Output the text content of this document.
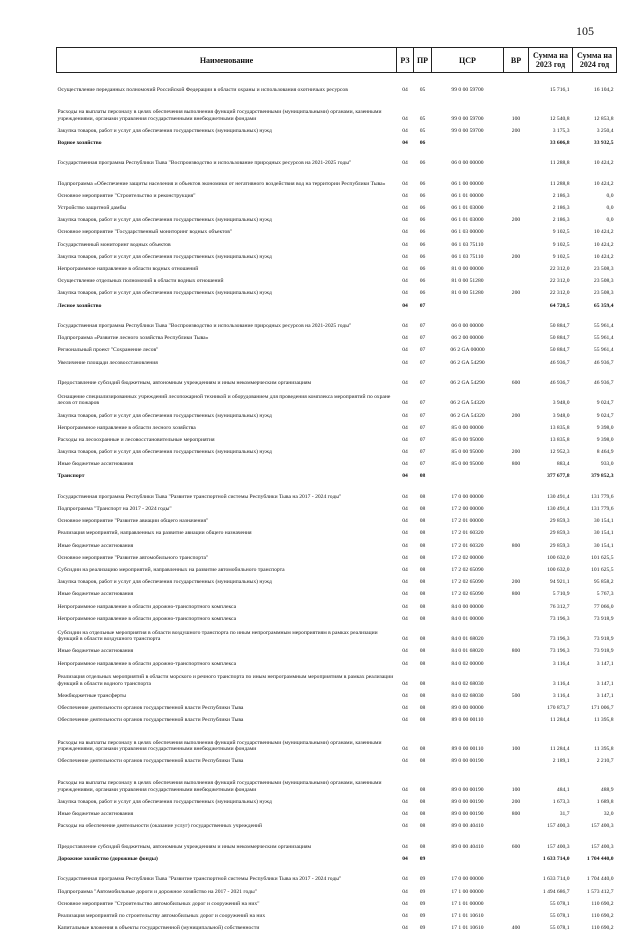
105
Наименование	РЗ	ПР	ЦСР	ВР	Сумма на 2023 год	Сумма на 2024 год
Осуществление переданных полномочий Российской Федерации в области охраны и использования охотничьих ресурсов	04	05	99 0 00 59700		15 716,1	16 104,2
Расходы на выплаты персоналу в целях обеспечения выполнения функций государственными (муниципальными) органами, казенными учреждениями, органами управления государственными внебюджетными фондами	04	05	99 0 00 59700	100	12 540,8	12 853,8
Закупка товаров, работ и услуг для обеспечения государственных (муниципальных) нужд	04	05	99 0 00 59700	200	3 175,3	3 250,4
Водное хозяйство	04	06			33 606,8	33 932,5
Государственная программа Республики Тыва "Воспроизводство и использование природных ресурсов на 2021-2025 годы"	04	06	06 0 00 00000		11 288,8	10 424,2
Подпрограмма «Обеспечение защиты населения и объектов экономики от негативного воздействия вод на территории Республики Тыва»	04	06	06 1 00 00000		11 288,8	10 424,2
Основное мероприятие "Строительство и реконструкция"	04	06	06 1 01 00000		2 186,3	0,0
Устройство защитной дамбы	04	06	06 1 01 03000		2 186,3	0,0
Закупка товаров, работ и услуг для обеспечения государственных (муниципальных) нужд	04	06	06 1 01 03000	200	2 186,3	0,0
Основное мероприятие "Государственный мониторинг водных объектов"	04	06	06 1 03 00000		9 102,5	10 424,2
Государственный мониторинг водных объектов	04	06	06 1 03 75110		9 102,5	10 424,2
Закупка товаров, работ и услуг для обеспечения государственных (муниципальных) нужд	04	06	06 1 03 75110	200	9 102,5	10 424,2
Непрограммное направление в области водных отношений	04	06	81 0 00 00000		22 312,0	23 508,3
Осуществление отдельных полномочий в области водных отношений	04	06	81 0 00 51280		22 312,0	23 508,3
Закупка товаров, работ и услуг для обеспечения государственных (муниципальных) нужд	04	06	81 0 00 51280	200	22 312,0	23 508,3
Лесное хозяйство	04	07			64 720,5	65 359,4
Государственная программа Республики Тыва "Воспроизводство и использование природных ресурсов на 2021-2025 годы"	04	07	06 0 00 00000		50 884,7	55 961,4
Подпрограмма «Развитие лесного хозяйства Республики Тыва»	04	07	06 2 00 00000		50 884,7	55 961,4
Региональный проект "Сохранение лесов"	04	07	06 2 GA 00000		50 884,7	55 961,4
Увеличение площади лесовосстановления	04	07	06 2 GA 54290		46 936,7	46 936,7
Предоставление субсидий бюджетным, автономным учреждениям и иным некоммерческим организациям	04	07	06 2 GA 54290	600	46 936,7	46 936,7
Оснащение специализированных учреждений лесопожарной техникой и оборудованием для проведения комплекса мероприятий по охране лесов от пожаров	04	07	06 2 GA 54320		3 948,0	9 024,7
Закупка товаров, работ и услуг для обеспечения государственных (муниципальных) нужд	04	07	06 2 GA 54320	200	3 948,0	9 024,7
Непрограммное направление в области лесного хозяйства	04	07	85 0 00 00000		13 835,8	9 398,0
Расходы на лесоохранные и лесовосстановительные мероприятия	04	07	85 0 00 95000		13 835,8	9 398,0
Закупка товаров, работ и услуг для обеспечения государственных (муниципальных) нужд	04	07	85 0 00 95000	200	12 952,3	8 464,9
Иные бюджетные ассигнования	04	07	85 0 00 95000	800	883,4	933,0
Транспорт	04	08			377 677,8	379 852,3
Государственная программа Республики Тыва "Развитие транспортной системы Республики Тыва на 2017 - 2024 годы"	04	08	17 0 00 00000		130 491,4	131 779,6
Подпрограмма "Транспорт на 2017 - 2024 годы"	04	08	17 2 00 00000		130 491,4	131 779,6
Основное мероприятие "Развитие авиации общего назначения"	04	08	17 2 01 00000		29 859,3	30 154,1
Реализация мероприятий, направленных на развитие авиации общего назначения	04	08	17 2 01 60320		29 859,3	30 154,1
Иные бюджетные ассигнования	04	08	17 2 01 60320	800	29 859,3	30 154,1
Основное мероприятие "Развитие автомобильного транспорта"	04	08	17 2 02 00000		100 632,0	101 625,5
Субсидии на реализацию мероприятий, направленных на развитие автомобильного транспорта	04	08	17 2 02 65090		100 632,0	101 625,5
Закупка товаров, работ и услуг для обеспечения государственных (муниципальных) нужд	04	08	17 2 02 65090	200	94 921,1	95 858,2
Иные бюджетные ассигнования	04	08	17 2 02 65090	800	5 710,9	5 767,3
Непрограммное направление в области дорожно-транспортного комплекса	04	08	84 0 00 00000		76 312,7	77 066,0
Непрограммное направление в области дорожно-транспортного комплекса	04	08	84 0 01 00000		73 196,3	73 918,9
Субсидии на отдельные мероприятия в области воздушного транспорта по иным непрограммным мероприятиям в рамках реализации функций в области воздушного транспорта	04	08	84 0 01 68020		73 196,3	73 918,9
Иные бюджетные ассигнования	04	08	84 0 01 68020	800	73 196,3	73 918,9
Непрограммное направление в области дорожно-транспортного комплекса	04	08	84 0 02 00000		3 116,4	3 147,1
Реализация отдельных мероприятий в области морского и речного транспорта по иным непрограммным мероприятиям в рамках реализации функций в области водного транспорта	04	08	84 0 02 68030		3 116,4	3 147,1
Межбюджетные трансферты	04	08	84 0 02 68030	500	3 116,4	3 147,1
Обеспечение деятельности органов государственной власти Республики Тыва	04	08	89 0 00 00000		170 873,7	171 006,7
Обеспечение деятельности органов государственной власти Республики Тыва	04	08	89 0 00 00110		11 284,4	11 395,8
Расходы на выплаты персоналу в целях обеспечения выполнения функций государственными (муниципальными) органами, казенными учреждениями, органами управления государственными внебюджетными фондами	04	08	89 0 00 00110	100	11 284,4	11 395,8
Обеспечение деятельности органов государственной власти Республики Тыва	04	08	89 0 00 00190		2 189,1	2 210,7
Расходы на выплаты персоналу в целях обеспечения выполнения функций государственными (муниципальными) органами, казенными учреждениями, органами управления государственными внебюджетными фондами	04	08	89 0 00 00190	100	484,1	488,9
Закупка товаров, работ и услуг для обеспечения государственных (муниципальных) нужд	04	08	89 0 00 00190	200	1 673,3	1 689,8
Иные бюджетные ассигнования	04	08	89 0 00 00190	800	31,7	32,0
Расходы на обеспечение деятельности (оказание услуг) государственных учреждений	04	08	89 0 00 40410		157 400,3	157 400,3
Предоставление субсидий бюджетным, автономным учреждениям и иным некоммерческим организациям	04	08	89 0 00 40410	600	157 400,3	157 400,3
Дорожное хозяйство (дорожные фонды)	04	09			1 633 714,0	1 704 440,0
Государственная программа Республики Тыва "Развитие транспортной системы Республики Тыва на 2017 - 2024 годы"	04	09	17 0 00 00000		1 633 714,0	1 704 440,0
Подпрограмма "Автомобильные дороги и дорожное хозяйство на 2017 - 2021 годы"	04	09	17 1 00 00000		1 494 686,7	1 573 412,7
Основное мероприятие "Строительство автомобильных дорог и сооружений на них"	04	09	17 1 01 00000		55 078,1	110 690,2
Реализация мероприятий по строительству автомобильных дорог и сооружений на них	04	09	17 1 01 10610		55 078,1	110 690,2
Капитальные вложения в объекты государственной (муниципальной) собственности	04	09	17 1 01 10610	400	55 078,1	110 690,2
